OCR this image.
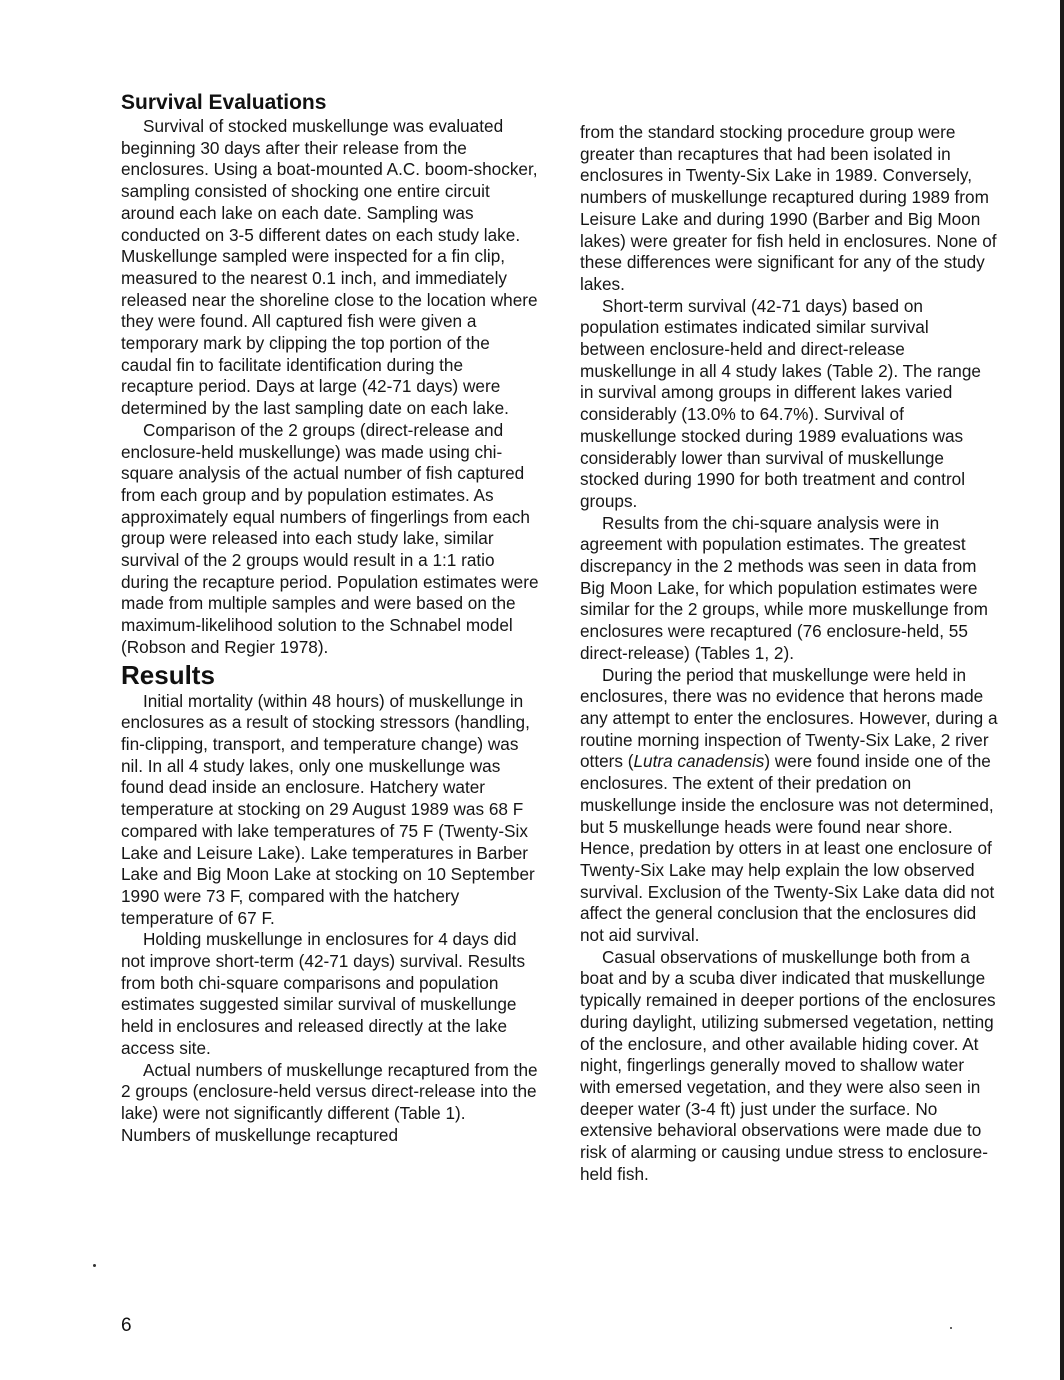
Survival Evaluations

Survival of stocked muskellunge was evaluated beginning 30 days after their release from the enclosures. Using a boat-mounted A.C. boom-shocker, sampling consisted of shocking one entire circuit around each lake on each date. Sampling was conducted on 3-5 different dates on each study lake. Muskellunge sampled were inspected for a fin clip, measured to the nearest 0.1 inch, and immediately released near the shoreline close to the location where they were found. All captured fish were given a temporary mark by clipping the top portion of the caudal fin to facilitate identification during the recapture period. Days at large (42-71 days) were determined by the last sampling date on each lake.

Comparison of the 2 groups (direct-release and enclosure-held muskellunge) was made using chi-square analysis of the actual number of fish captured from each group and by population estimates. As approximately equal numbers of fingerlings from each group were released into each study lake, similar survival of the 2 groups would result in a 1:1 ratio during the recapture period. Population estimates were made from multiple samples and were based on the maximum-likelihood solution to the Schnabel model (Robson and Regier 1978).

Results

Initial mortality (within 48 hours) of muskellunge in enclosures as a result of stocking stressors (handling, fin-clipping, transport, and temperature change) was nil. In all 4 study lakes, only one muskellunge was found dead inside an enclosure. Hatchery water temperature at stocking on 29 August 1989 was 68 F compared with lake temperatures of 75 F (Twenty-Six Lake and Leisure Lake). Lake temperatures in Barber Lake and Big Moon Lake at stocking on 10 September 1990 were 73 F, compared with the hatchery temperature of 67 F.

Holding muskellunge in enclosures for 4 days did not improve short-term (42-71 days) survival. Results from both chi-square comparisons and population estimates suggested similar survival of muskellunge held in enclosures and released directly at the lake access site.

Actual numbers of muskellunge recaptured from the 2 groups (enclosure-held versus direct-release into the lake) were not significantly different (Table 1). Numbers of muskellunge recaptured

from the standard stocking procedure group were greater than recaptures that had been isolated in enclosures in Twenty-Six Lake in 1989. Conversely, numbers of muskellunge recaptured during 1989 from Leisure Lake and during 1990 (Barber and Big Moon lakes) were greater for fish held in enclosures. None of these differences were significant for any of the study lakes.

Short-term survival (42-71 days) based on population estimates indicated similar survival between enclosure-held and direct-release muskellunge in all 4 study lakes (Table 2). The range in survival among groups in different lakes varied considerably (13.0% to 64.7%). Survival of muskellunge stocked during 1989 evaluations was considerably lower than survival of muskellunge stocked during 1990 for both treatment and control groups.

Results from the chi-square analysis were in agreement with population estimates. The greatest discrepancy in the 2 methods was seen in data from Big Moon Lake, for which population estimates were similar for the 2 groups, while more muskellunge from enclosures were recaptured (76 enclosure-held, 55 direct-release) (Tables 1, 2).

During the period that muskellunge were held in enclosures, there was no evidence that herons made any attempt to enter the enclosures. However, during a routine morning inspection of Twenty-Six Lake, 2 river otters (Lutra canadensis) were found inside one of the enclosures. The extent of their predation on muskellunge inside the enclosure was not determined, but 5 muskellunge heads were found near shore. Hence, predation by otters in at least one enclosure of Twenty-Six Lake may help explain the low observed survival. Exclusion of the Twenty-Six Lake data did not affect the general conclusion that the enclosures did not aid survival.

Casual observations of muskellunge both from a boat and by a scuba diver indicated that muskellunge typically remained in deeper portions of the enclosures during daylight, utilizing submersed vegetation, netting of the enclosure, and other available hiding cover. At night, fingerlings generally moved to shallow water with emersed vegetation, and they were also seen in deeper water (3-4 ft) just under the surface. No extensive behavioral observations were made due to risk of alarming or causing undue stress to enclosure-held fish.

6
